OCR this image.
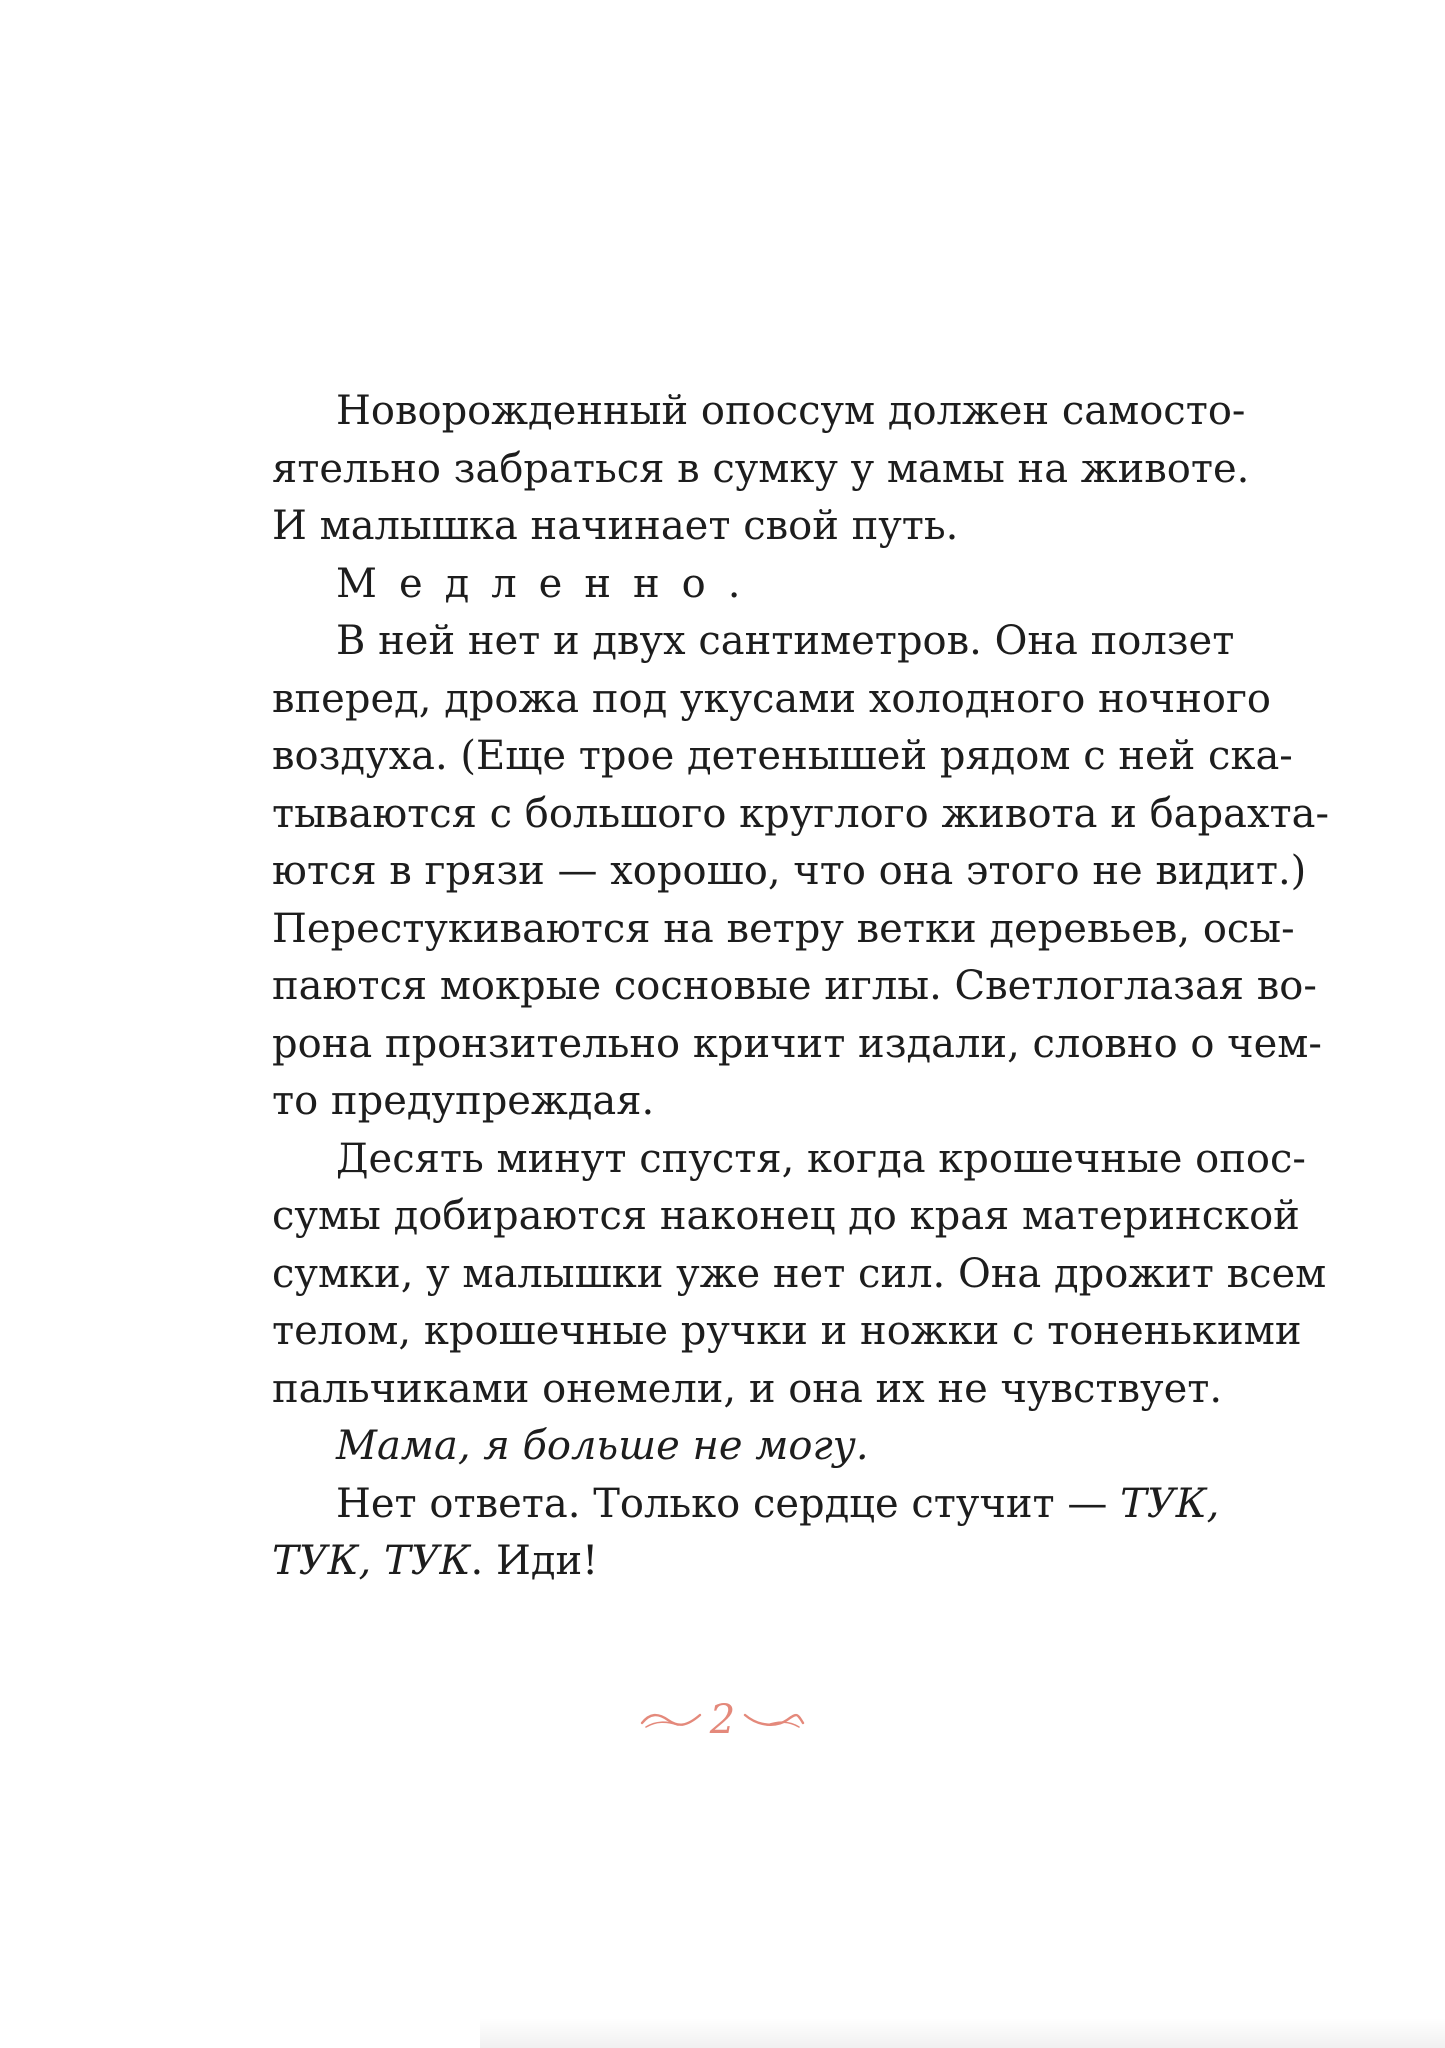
Новорожденный опоссум должен самосто-
ятельно забраться в сумку у мамы на животе.
И малышка начинает свой путь.
Медленно.
В ней нет и двух сантиметров. Она ползет
вперед, дрожа под укусами холодного ночного
воздуха. (Еще трое детенышей рядом с ней ска-
тываются с большого круглого живота и барахта-
ются в грязи — хорошо, что она этого не видит.)
Перестукиваются на ветру ветки деревьев, осы-
паются мокрые сосновые иглы. Светлоглазая во-
рона пронзительно кричит издали, словно о чем-
то предупреждая.
Десять минут спустя, когда крошечные опос-
сумы добираются наконец до края материнской
сумки, у малышки уже нет сил. Она дрожит всем
телом, крошечные ручки и ножки с тоненькими
пальчиками онемели, и она их не чувствует.
Мама, я больше не могу.
Нет ответа. Только сердце стучит — ТУК,
ТУК, ТУК. Иди!
2
